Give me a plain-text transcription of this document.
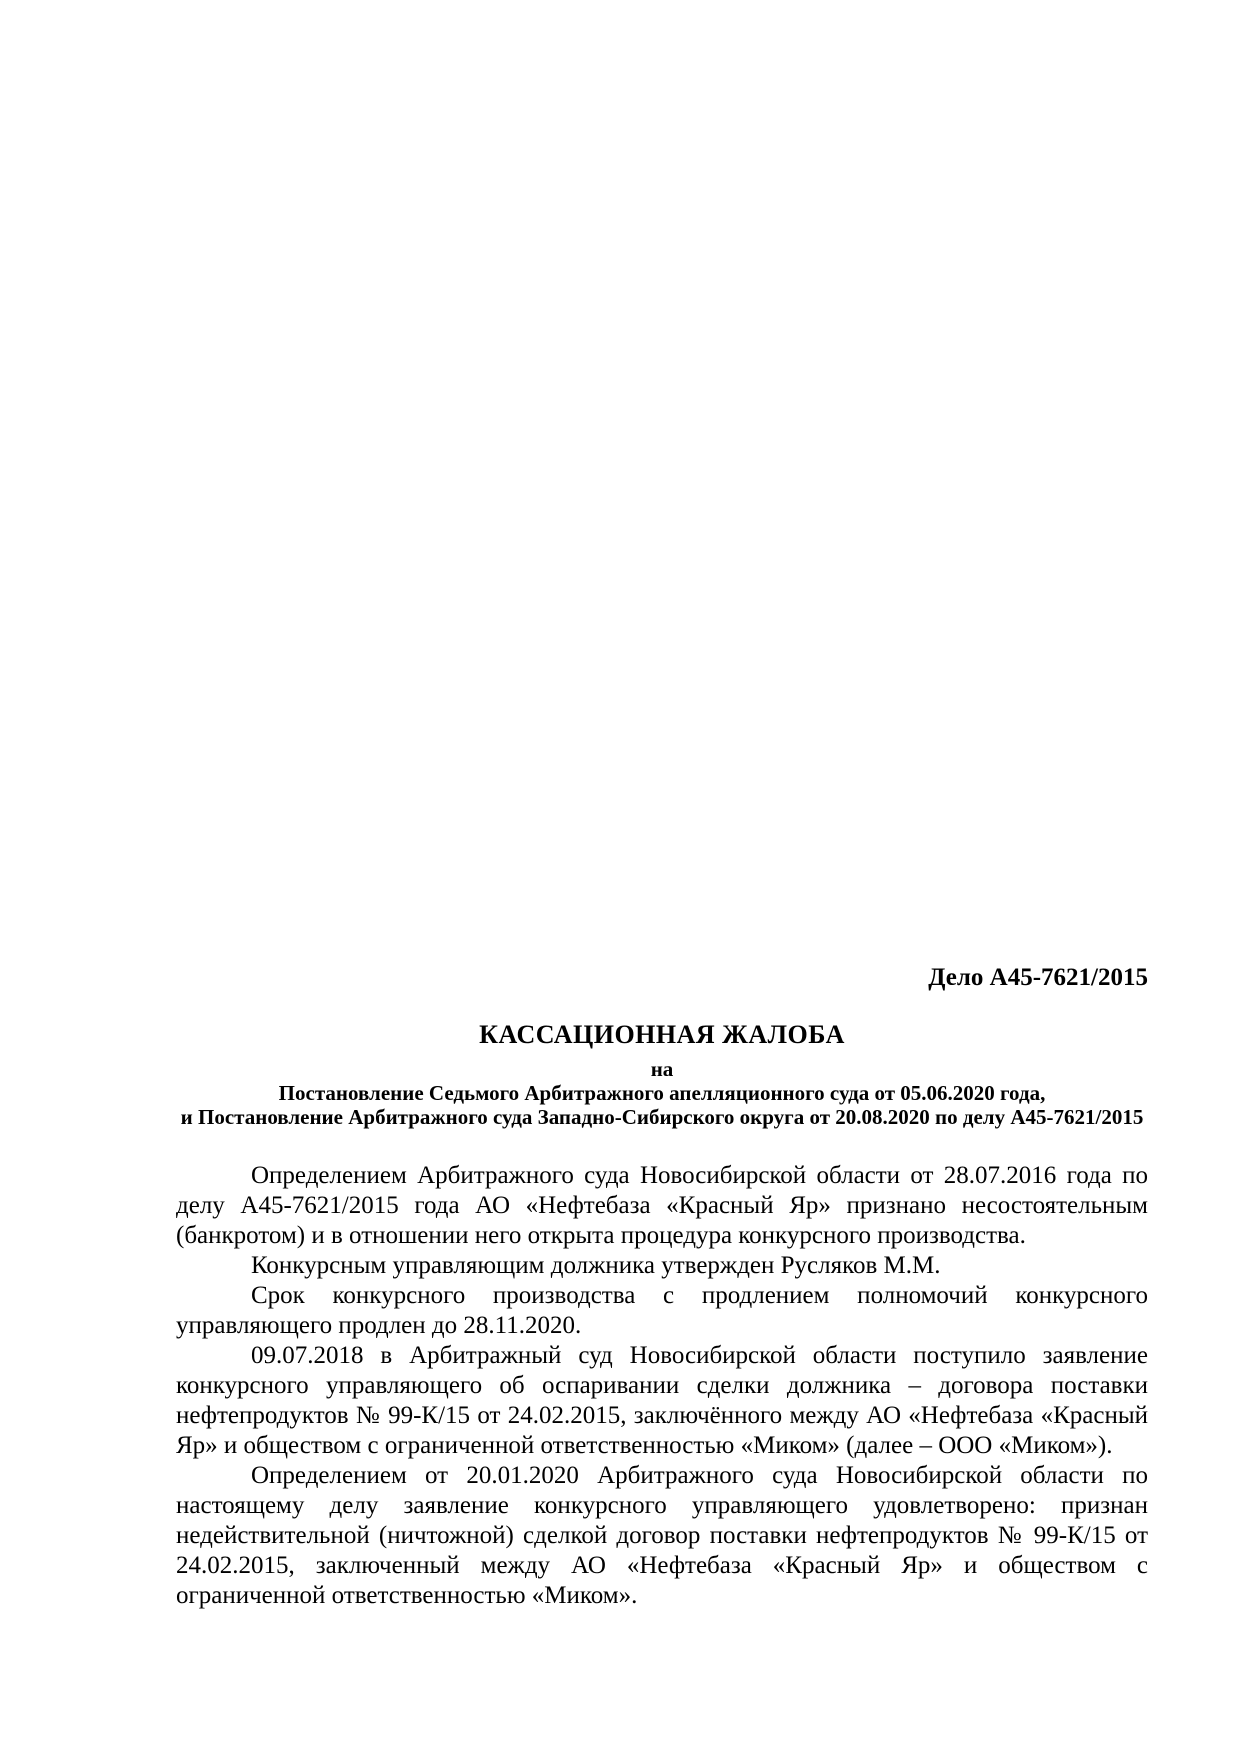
Дело А45-7621/2015
КАССАЦИОННАЯ ЖАЛОБА
на
Постановление Седьмого Арбитражного апелляционного суда от 05.06.2020 года,
и Постановление Арбитражного суда Западно-Сибирского округа от 20.08.2020 по делу А45-7621/2015

Определением Арбитражного суда Новосибирской области от 28.07.2016 года по делу А45-7621/2015 года АО «Нефтебаза «Красный Яр» признано несостоятельным (банкротом) и в отношении него открыта процедура конкурсного производства.

Конкурсным управляющим должника утвержден Русляков М.М.

Срок конкурсного производства с продлением полномочий конкурсного управляющего продлен до 28.11.2020.

09.07.2018 в Арбитражный суд Новосибирской области поступило заявление конкурсного управляющего об оспаривании сделки должника – договора поставки нефтепродуктов № 99-К/15 от 24.02.2015, заключённого между АО «Нефтебаза «Красный Яр» и обществом с ограниченной ответственностью «Миком» (далее – ООО «Миком»).

Определением от 20.01.2020 Арбитражного суда Новосибирской области по настоящему делу заявление конкурсного управляющего удовлетворено: признан недействительной (ничтожной) сделкой договор поставки нефтепродуктов № 99-К/15 от 24.02.2015, заключенный между АО «Нефтебаза «Красный Яр» и обществом с ограниченной ответственностью «Миком».
